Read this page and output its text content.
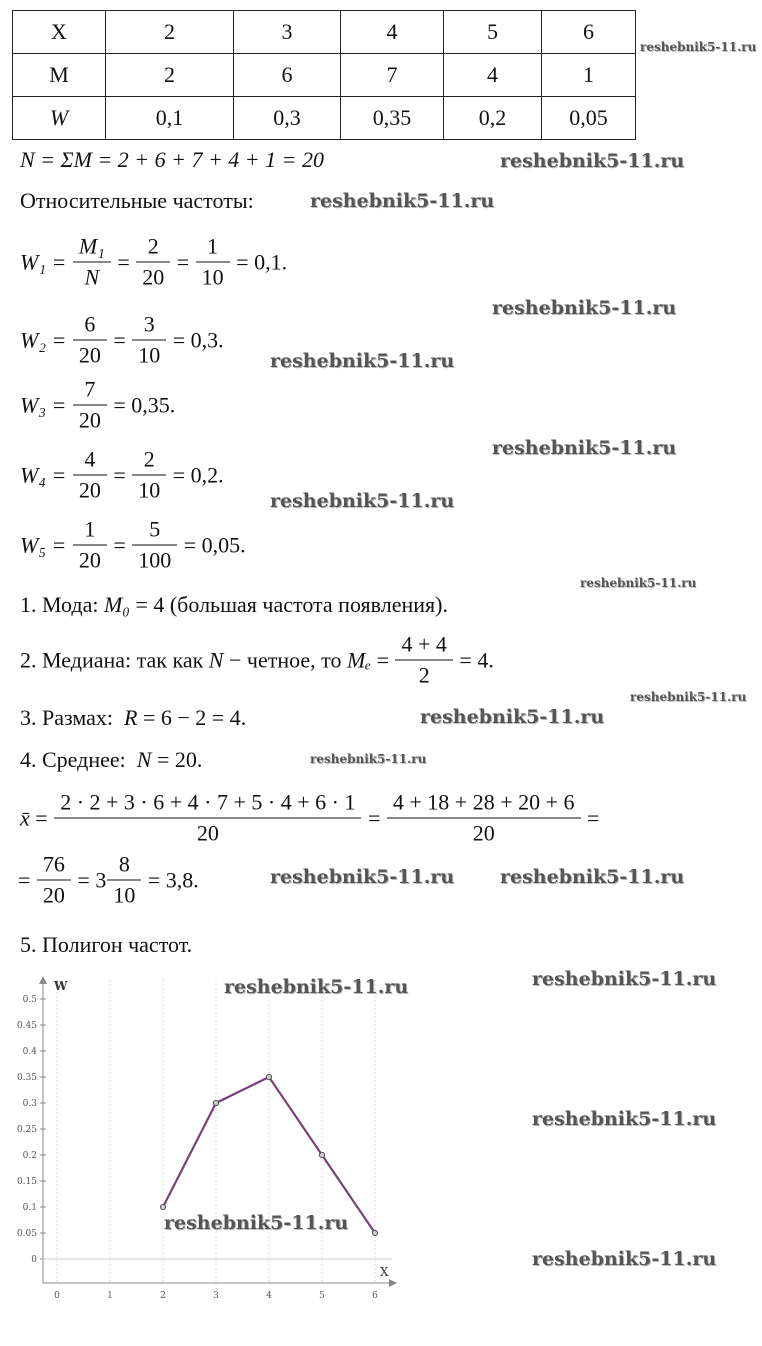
X	2	3	4	5	6
M	2	6	7	4	1
W	0,1	0,3	0,35	0,2	0,05
N = ΣM = 2 + 6 + 7 + 4 + 1 = 20
Относительные частоты:
$W_1 = \frac{\text{M₁}}{N} = \frac{2}{20} = \frac{1}{10} = 0,1$.
$W_2 = \frac{6}{20} = \frac{3}{10} = 0,3$.
$W_3 = \frac{7}{20} = 0,35$.
$W_4 = \frac{4}{20} = \frac{2}{10} = 0,2$.
$W_5 = \frac{1}{20} = \frac{5}{100} = 0,05$.
1. Мода: M₀ = 4 (большая частота появления).
2. Медиана: так как N − четное, то $M_e = \frac{4 + 4}{2} = 4$.
3. Размах: R = 6 − 2 = 4.
4. Среднее: N = 20.
x̄ = $\frac{2 \cdot 2 + 3 \cdot 6 + 4 \cdot 7 + 5 \cdot 4 + 6 \cdot 1}{20} = \frac{4 + 18 + 28 + 20 + 6}{20}$ =
= $\frac{76}{20} = 3 \frac{8}{10} = 3,8$.
5. Полигон частот.
0	1	2	3	4	5	6
0
0.05
0.1
0.15
0.2
0.25
0.3
0.35
0.4
0.45
0.5
W
X
reshebnik5-11.ru
reshebnik5-11.ru
reshebnik5-11.ru
reshebnik5-11.ru
reshebnik5-11.ru
reshebnik5-11.ru
reshebnik5-11.ru
reshebnik5-11.ru
reshebnik5-11.ru
reshebnik5-11.ru
reshebnik5-11.ru
reshebnik5-11.ru reshebnik5-11.ru
reshebnik5-11.ru	reshebnik5-11.ru
reshebnik5-11.ru
reshebnik5-11.ru
reshebnik5-11.ru
